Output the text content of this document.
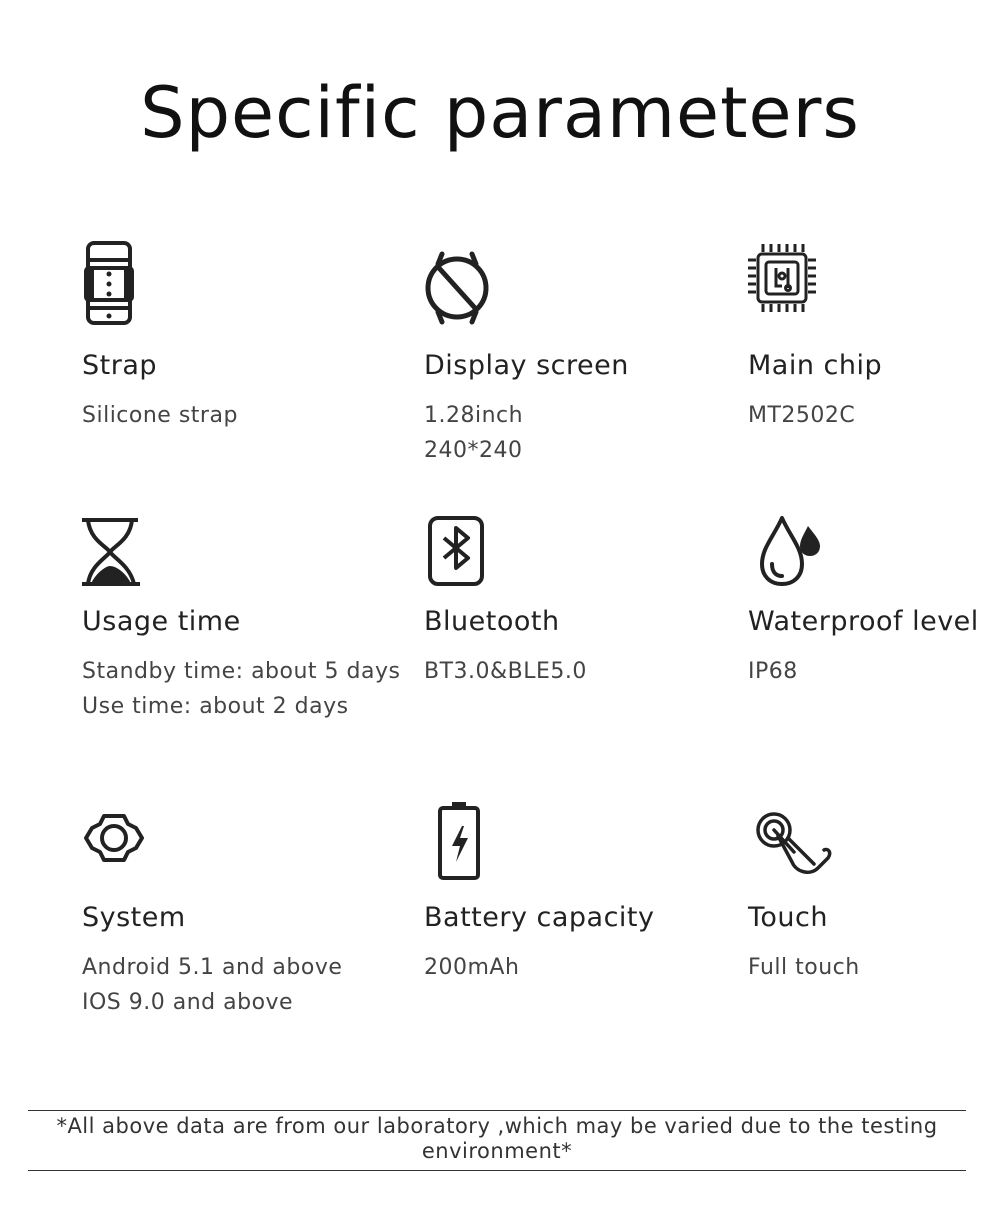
Specific parameters
Strap
Silicone strap
Display screen
1.28inch
240*240
Main chip
MT2502C
Usage time
Standby time: about 5 days
Use time: about 2 days
Bluetooth
BT3.0&BLE5.0
Waterproof level
IP68
System
Android 5.1 and above
IOS 9.0 and above
Battery capacity
200mAh
Touch
Full touch
*All above data are from our laboratory ,which may be varied due to the testing environment*
